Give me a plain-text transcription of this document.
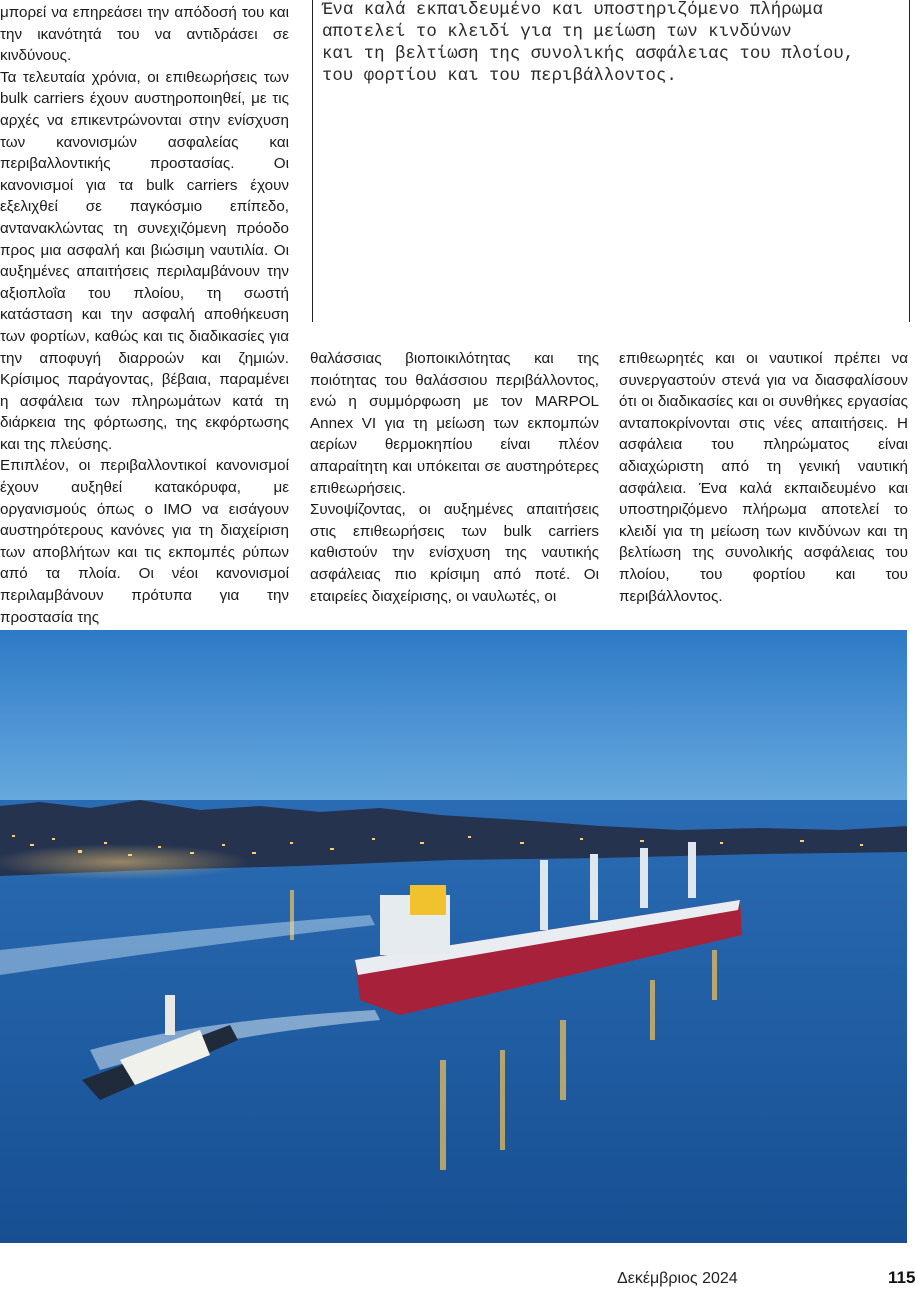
μπορεί να επηρεάσει την απόδοσή του και την ικανότητά του να αντιδράσει σε κινδύνους.

Τα τελευταία χρόνια, οι επιθεωρήσεις των bulk carriers έχουν αυστηροποιηθεί, με τις αρχές να επικεντρώνονται στην ενίσχυση των κανονισμών ασφαλείας και περιβαλλοντικής προστασίας. Οι κανονισμοί για τα bulk carriers έχουν εξελιχθεί σε παγκόσμιο επίπεδο, αντανακλώντας τη συνεχιζόμενη πρόοδο προς μια ασφαλή και βιώσιμη ναυτιλία. Οι αυξημένες απαιτήσεις περιλαμβάνουν την αξιοπλοΐα του πλοίου, τη σωστή κατάσταση και την ασφαλή αποθήκευση των φορτίων, καθώς και τις διαδικασίες για την αποφυγή διαρροών και ζημιών. Κρίσιμος παράγοντας, βέβαια, παραμένει η ασφάλεια των πληρωμάτων κατά τη διάρκεια της φόρτωσης, της εκφόρτωσης και της πλεύσης.

Επιπλέον, οι περιβαλλοντικοί κανονισμοί έχουν αυξηθεί κατακόρυφα, με οργανισμούς όπως ο IMO να εισάγουν αυστηρότερους κανόνες για τη διαχείριση των αποβλήτων και τις εκπομπές ρύπων από τα πλοία. Οι νέοι κανονισμοί περιλαμβάνουν πρότυπα για την προστασία της

Ένα καλά εκπαιδευμένο και υποστηριζόμενο πλήρωμα
αποτελεί το κλειδί για τη μείωση των κινδύνων
και τη βελτίωση της συνολικής ασφάλειας του πλοίου,
του φορτίου και του περιβάλλοντος.

θαλάσσιας βιοποικιλότητας και της ποιότητας του θαλάσσιου περιβάλλοντος, ενώ η συμμόρφωση με τον MARPOL Annex VI για τη μείωση των εκπομπών αερίων θερμοκηπίου είναι πλέον απαραίτητη και υπόκειται σε αυστηρότερες επιθεωρήσεις.

Συνοψίζοντας, οι αυξημένες απαιτήσεις στις επιθεωρήσεις των bulk carriers καθιστούν την ενίσχυση της ναυτικής ασφάλειας πιο κρίσιμη από ποτέ. Οι εταιρείες διαχείρισης, οι ναυλωτές, οι

επιθεωρητές και οι ναυτικοί πρέπει να συνεργαστούν στενά για να διασφαλίσουν ότι οι διαδικασίες και οι συνθήκες εργασίας ανταποκρίνονται στις νέες απαιτήσεις. Η ασφάλεια του πληρώματος είναι αδιαχώριστη από τη γενική ναυτική ασφάλεια. Ένα καλά εκπαιδευμένο και υποστηριζόμενο πλήρωμα αποτελεί το κλειδί για τη μείωση των κινδύνων και τη βελτίωση της συνολικής ασφάλειας του πλοίου, του φορτίου και του περιβάλλοντος.

Δεκέμβριος 2024	115
